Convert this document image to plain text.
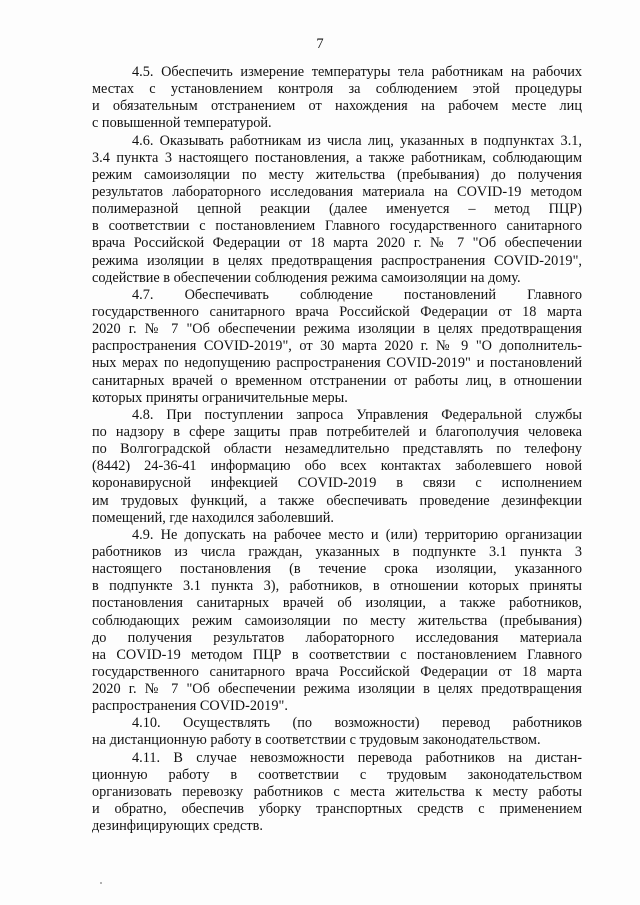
7
4.5. Обеспечить измерение температуры тела работникам на рабочих
местах с установлением контроля за соблюдением этой процедуры
и обязательным отстранением от нахождения на рабочем месте лиц
с повышенной температурой.
4.6. Оказывать работникам из числа лиц, указанных в подпунктах 3.1,
3.4 пункта 3 настоящего постановления, а также работникам, соблюдающим
режим самоизоляции по месту жительства (пребывания) до получения
результатов лабораторного исследования материала на COVID-19 методом
полимеразной цепной реакции (далее именуется – метод ПЦР)
в соответствии с постановлением Главного государственного санитарного
врача Российской Федерации от 18 марта 2020 г. № 7 "Об обеспечении
режима изоляции в целях предотвращения распространения COVID-2019",
содействие в обеспечении соблюдения режима самоизоляции на дому.
4.7. Обеспечивать соблюдение постановлений Главного
государственного санитарного врача Российской Федерации от 18 марта
2020 г. № 7 "Об обеспечении режима изоляции в целях предотвращения
распространения COVID-2019", от 30 марта 2020 г. № 9 "О дополнитель-
ных мерах по недопущению распространения COVID-2019" и постановлений
санитарных врачей о временном отстранении от работы лиц, в отношении
которых приняты ограничительные меры.
4.8. При поступлении запроса Управления Федеральной службы
по надзору в сфере защиты прав потребителей и благополучия человека
по Волгоградской области незамедлительно представлять по телефону
(8442) 24-36-41 информацию обо всех контактах заболевшего новой
коронавирусной инфекцией COVID-2019 в связи с исполнением
им трудовых функций, а также обеспечивать проведение дезинфекции
помещений, где находился заболевший.
4.9. Не допускать на рабочее место и (или) территорию организации
работников из числа граждан, указанных в подпункте 3.1 пункта 3
настоящего постановления (в течение срока изоляции, указанного
в подпункте 3.1 пункта 3), работников, в отношении которых приняты
постановления санитарных врачей об изоляции, а также работников,
соблюдающих режим самоизоляции по месту жительства (пребывания)
до получения результатов лабораторного исследования материала
на COVID-19 методом ПЦР в соответствии с постановлением Главного
государственного санитарного врача Российской Федерации от 18 марта
2020 г. № 7 "Об обеспечении режима изоляции в целях предотвращения
распространения COVID-2019".
4.10. Осуществлять (по возможности) перевод работников
на дистанционную работу в соответствии с трудовым законодательством.
4.11. В случае невозможности перевода работников на дистан-
ционную работу в соответствии с трудовым законодательством
организовать перевозку работников с места жительства к месту работы
и обратно, обеспечив уборку транспортных средств с применением
дезинфицирующих средств.
